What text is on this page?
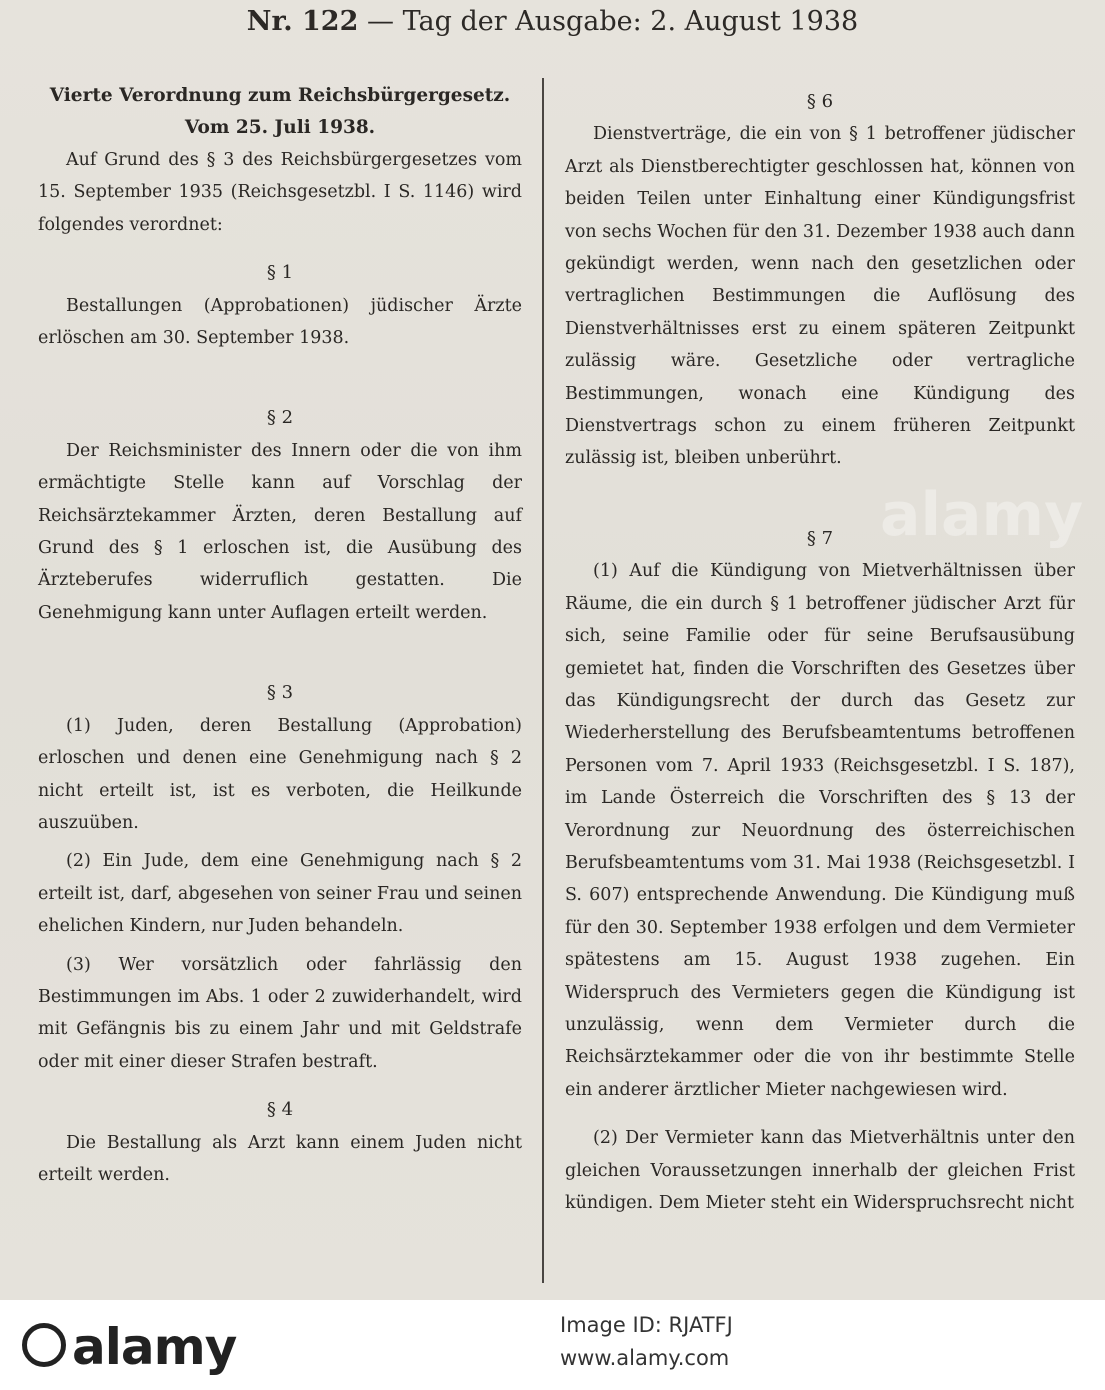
Nr. 122 — Tag der Ausgabe: 2. August 1938

Vierte Verordnung zum Reichsbürgergesetz.

Vom 25. Juli 1938.

Auf Grund des § 3 des Reichsbürgergesetzes vom 15. September 1935 (Reichsgesetzbl. I S. 1146) wird folgendes verordnet:

§ 1

Bestallungen (Approbationen) jüdischer Ärzte erlöschen am 30. September 1938.

§ 2

Der Reichsminister des Innern oder die von ihm ermächtigte Stelle kann auf Vorschlag der Reichsärztekammer Ärzten, deren Bestallung auf Grund des § 1 erloschen ist, die Ausübung des Ärzteberufes widerruflich gestatten. Die Genehmigung kann unter Auflagen erteilt werden.

§ 3

(1) Juden, deren Bestallung (Approbation) erloschen und denen eine Genehmigung nach § 2 nicht erteilt ist, ist es verboten, die Heilkunde auszuüben.

(2) Ein Jude, dem eine Genehmigung nach § 2 erteilt ist, darf, abgesehen von seiner Frau und seinen ehelichen Kindern, nur Juden behandeln.

(3) Wer vorsätzlich oder fahrlässig den Bestimmungen im Abs. 1 oder 2 zuwiderhandelt, wird mit Gefängnis bis zu einem Jahr und mit Geldstrafe oder mit einer dieser Strafen bestraft.

§ 4

Die Bestallung als Arzt kann einem Juden nicht erteilt werden.

§ 6

Dienstverträge, die ein von § 1 betroffener jüdischer Arzt als Dienstberechtigter geschlossen hat, können von beiden Teilen unter Einhaltung einer Kündigungsfrist von sechs Wochen für den 31. Dezember 1938 auch dann gekündigt werden, wenn nach den gesetzlichen oder vertraglichen Bestimmungen die Auflösung des Dienstverhältnisses erst zu einem späteren Zeitpunkt zulässig wäre. Gesetzliche oder vertragliche Bestimmungen, wonach eine Kündigung des Dienstvertrags schon zu einem früheren Zeitpunkt zulässig ist, bleiben unberührt.

§ 7

(1) Auf die Kündigung von Mietverhältnissen über Räume, die ein durch § 1 betroffener jüdischer Arzt für sich, seine Familie oder für seine Berufsausübung gemietet hat, finden die Vorschriften des Gesetzes über das Kündigungsrecht der durch das Gesetz zur Wiederherstellung des Berufsbeamtentums betroffenen Personen vom 7. April 1933 (Reichsgesetzbl. I S. 187), im Lande Österreich die Vorschriften des § 13 der Verordnung zur Neuordnung des österreichischen Berufsbeamtentums vom 31. Mai 1938 (Reichsgesetzbl. I S. 607) entsprechende Anwendung. Die Kündigung muß für den 30. September 1938 erfolgen und dem Vermieter spätestens am 15. August 1938 zugehen. Ein Widerspruch des Vermieters gegen die Kündigung ist unzulässig, wenn dem Vermieter durch die Reichsärztekammer oder die von ihr bestimmte Stelle ein anderer ärztlicher Mieter nachgewiesen wird.

(2) Der Vermieter kann das Mietverhältnis unter den gleichen Voraussetzungen innerhalb der gleichen Frist kündigen. Dem Mieter steht ein Widerspruchsrecht nicht

alamy
alamy	Image ID: RJATFJ
www.alamy.com
